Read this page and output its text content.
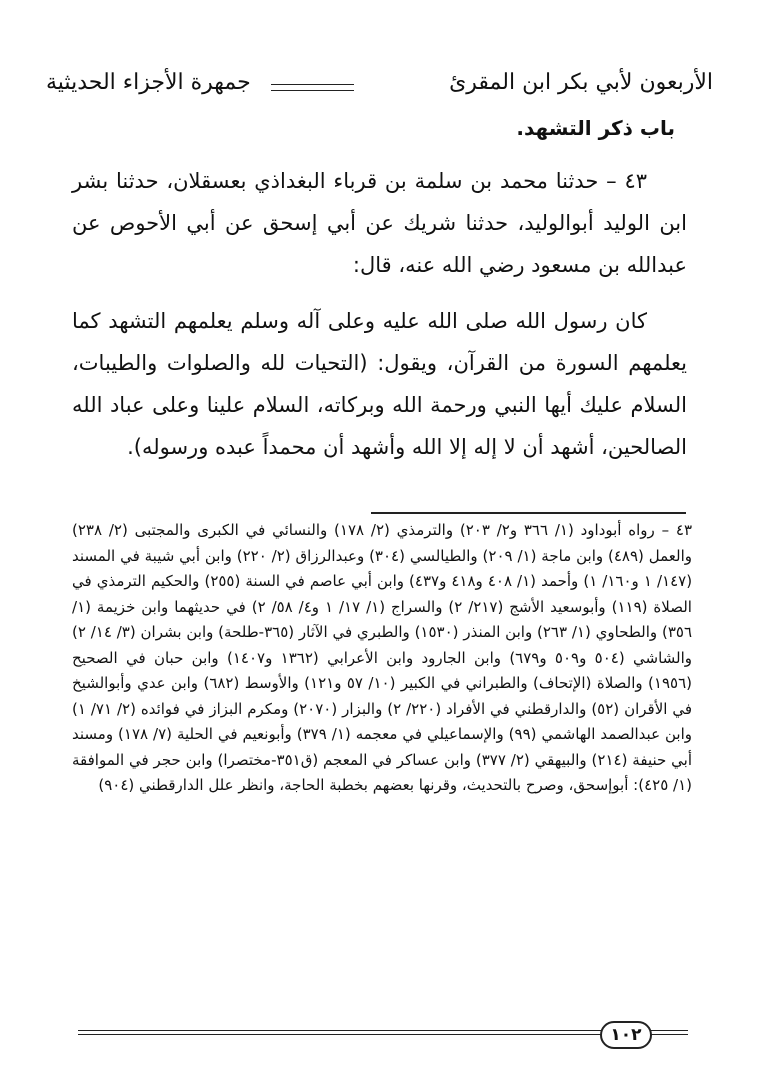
الأربعون لأبي بكر ابن المقرئ
جمهرة الأجزاء الحديثية
باب ذكر التشهد.

٤٣ – حدثنا محمد بن سلمة بن قرباء البغداذي بعسقلان، حدثنا بشر ابن الوليد أبوالوليد، حدثنا شريك عن أبي إسحق عن أبي الأحوص عن عبدالله بن مسعود رضي الله عنه، قال:

كان رسول الله صلى الله عليه وعلى آله وسلم يعلمهم التشهد كما يعلمهم السورة من القرآن، ويقول: (التحيات لله والصلوات والطيبات، السلام عليك أيها النبي ورحمة الله وبركاته، السلام علينا وعلى عباد الله الصالحين، أشهد أن لا إله إلا الله وأشهد أن محمداً عبده ورسوله).

٤٣ – رواه أبوداود (١/ ٣٦٦ و٢/ ٢٠٣) والترمذي (٢/ ١٧٨) والنسائي في الكبرى والمجتبى (٢/ ٢٣٨) والعمل (٤٨٩) وابن ماجة (١/ ٢٠٩) والطيالسي (٣٠٤) وعبدالرزاق (٢/ ٢٢٠) وابن أبي شيبة في المسند (١٤٧/ ١ و١٦٠/ ١) وأحمد (١/ ٤٠٨ و٤١٨ و٤٣٧) وابن أبي عاصم في السنة (٢٥٥) والحكيم الترمذي في الصلاة (١١٩) وأبوسعيد الأشج (٢١٧/ ٢) والسراج (١/ ١٧/ ١ و٤/ ٥٨/ ٢) في حديثهما وابن خزيمة (١/ ٣٥٦) والطحاوي (١/ ٢٦٣) وابن المنذر (١٥٣٠) والطبري في الآثار (٣٦٥-طلحة) وابن بشران (٣/ ١٤/ ٢) والشاشي (٥٠٤ و٥٠٩ و٦٧٩) وابن الجارود وابن الأعرابي (١٣٦٢ و١٤٠٧) وابن حبان في الصحيح (١٩٥٦) والصلاة (الإتحاف) والطبراني في الكبير (١٠/ ٥٧ و١٢١) والأوسط (٦٨٢) وابن عدي وأبوالشيخ في الأقران (٥٢) والدارقطني في الأفراد (٢٢٠/ ٢) والبزار (٢٠٧٠) ومكرم البزاز في فوائده (٢/ ٧١/ ١) وابن عبدالصمد الهاشمي (٩٩) والإسماعيلي في معجمه (١/ ٣٧٩) وأبونعيم في الحلية (٧/ ١٧٨) ومسند أبي حنيفة (٢١٤) والبيهقي (٢/ ٣٧٧) وابن عساكر في المعجم (ق٣٥١-مختصرا) وابن حجر في الموافقة (١/ ٤٢٥): أبوإسحق، وصرح بالتحديث، وقرنها بعضهم بخطبة الحاجة، وانظر علل الدارقطني (٩٠٤)

١٠٢
